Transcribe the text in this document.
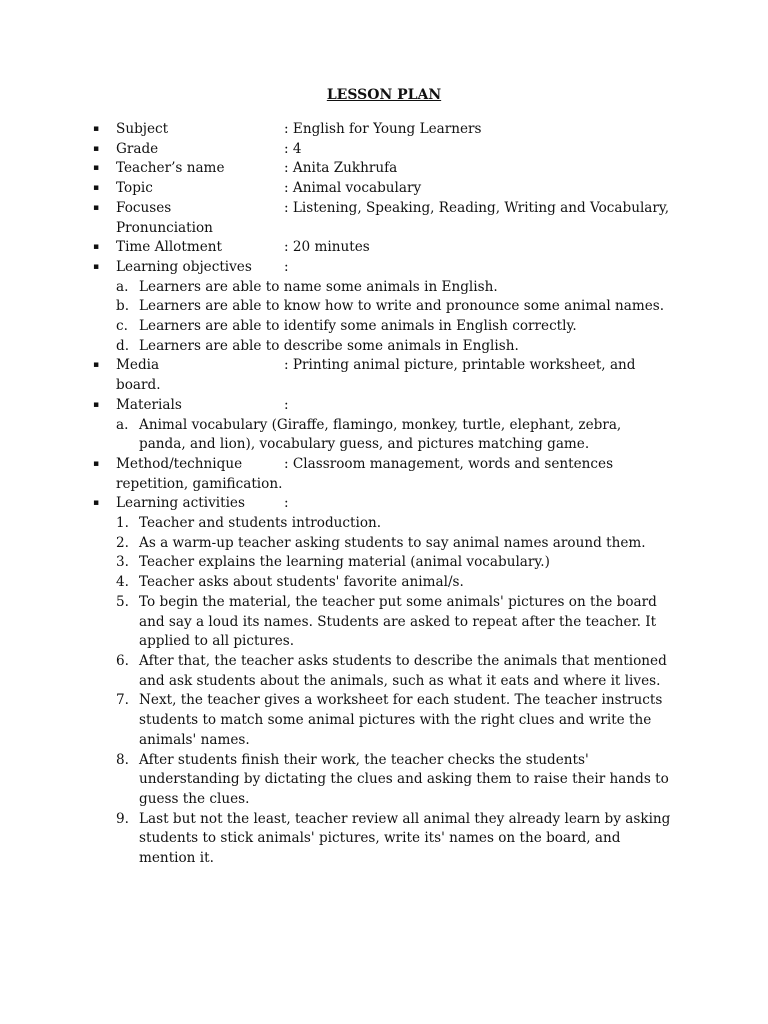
LESSON PLAN
▪ Subject	: English for Young Learners
▪ Grade	: 4
▪ Teacher’s name	: Anita Zukhrufa
▪ Topic	: Animal vocabulary
▪ Focuses	: Listening, Speaking, Reading, Writing and Vocabulary, Pronunciation
▪ Time Allotment	: 20 minutes
▪ Learning objectives :
a. Learners are able to name some animals in English.
b. Learners are able to know how to write and pronounce some animal names.
c. Learners are able to identify some animals in English correctly.
d. Learners are able to describe some animals in English.
▪ Media	: Printing animal picture, printable worksheet, and board.
▪ Materials	:
a. Animal vocabulary (Giraffe, flamingo, monkey, turtle, elephant, zebra, panda, and lion), vocabulary guess, and pictures matching game.
▪ Method/technique	: Classroom management, words and sentences repetition, gamification.
▪ Learning activities	:
1. Teacher and students introduction.
2. As a warm-up teacher asking students to say animal names around them.
3. Teacher explains the learning material (animal vocabulary.)
4. Teacher asks about students' favorite animal/s.
5. To begin the material, the teacher put some animals' pictures on the board and say a loud its names. Students are asked to repeat after the teacher. It applied to all pictures.
6. After that, the teacher asks students to describe the animals that mentioned and ask students about the animals, such as what it eats and where it lives.
7. Next, the teacher gives a worksheet for each student. The teacher instructs students to match some animal pictures with the right clues and write the animals' names.
8. After students finish their work, the teacher checks the students' understanding by dictating the clues and asking them to raise their hands to guess the clues.
9. Last but not the least, teacher review all animal they already learn by asking students to stick animals' pictures, write its' names on the board, and mention it.
